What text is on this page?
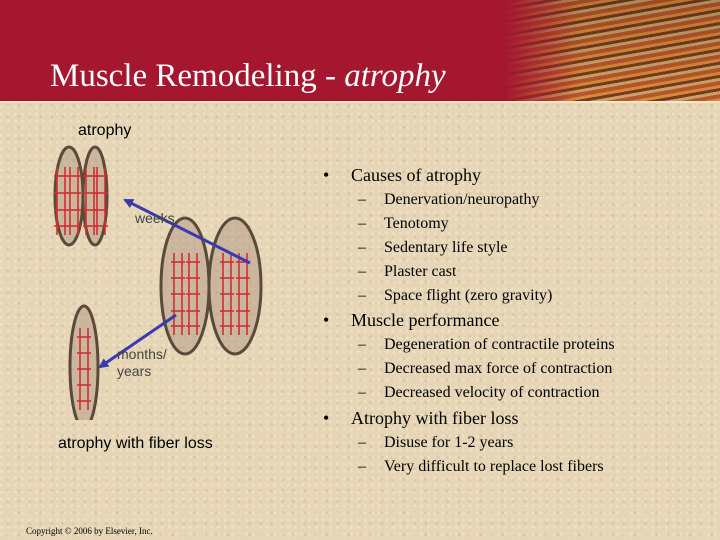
Muscle Remodeling - atrophy
atrophy
weeks
months/
years
atrophy with fiber loss
• Causes of atrophy
– Denervation/neuropathy
– Tenotomy
– Sedentary life style
– Plaster cast
– Space flight (zero gravity)
• Muscle performance
– Degeneration of contractile proteins
– Decreased max force of contraction
– Decreased velocity of contraction
• Atrophy with fiber loss
– Disuse for 1-2 years
– Very difficult to replace lost fibers
Copyright © 2006 by Elsevier, Inc.
